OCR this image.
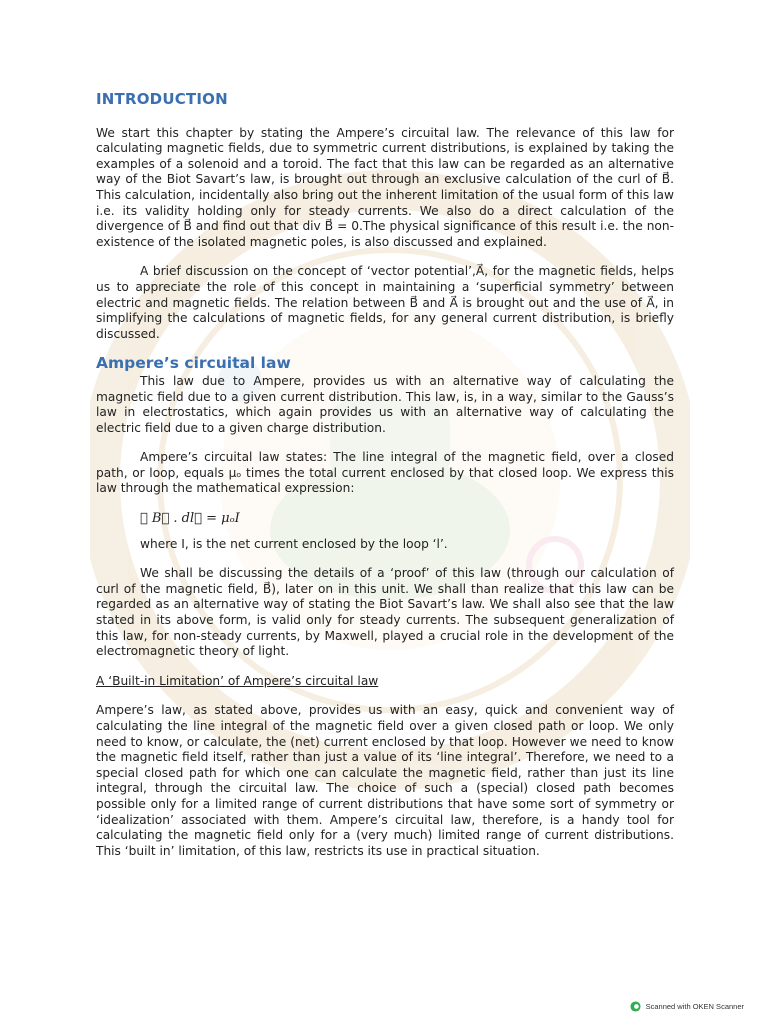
INTRODUCTION

We start this chapter by stating the Ampere’s circuital law. The relevance of this law for calculating magnetic fields, due to symmetric current distributions, is explained by taking the examples of a solenoid and a toroid. The fact that this law can be regarded as an alternative way of the Biot Savart’s law, is brought out through an exclusive calculation of the curl of B⃗. This calculation, incidentally also bring out the inherent limitation of the usual form of this law i.e. its validity holding only for steady currents. We also do a direct calculation of the divergence of B⃗ and find out that div B⃗ = 0.The physical significance of this result i.e. the non-existence of the isolated magnetic poles, is also discussed and explained.

A brief discussion on the concept of ‘vector potential’,A⃗, for the magnetic fields, helps us to appreciate the role of this concept in maintaining a ‘superficial symmetry’ between electric and magnetic fields. The relation between B⃗ and A⃗ is brought out and the use of A⃗, in simplifying the calculations of magnetic fields, for any general current distribution, is briefly discussed.

Ampere’s circuital law

This law due to Ampere, provides us with an alternative way of calculating the magnetic field due to a given current distribution. This law, is, in a way, similar to the Gauss’s law in electrostatics, which again provides us with an alternative way of calculating the electric field due to a given charge distribution.

Ampere’s circuital law states: The line integral of the magnetic field, over a closed path, or loop, equals μₒ times the total current enclosed by that closed loop. We express this law through the mathematical expression:

∮ B⃗ . dl⃗ = μₒI
where I, is the net current enclosed by the loop ‘l’.

We shall be discussing the details of a ‘proof’ of this law (through our calculation of curl of the magnetic field, B⃗), later on in this unit. We shall than realize that this law can be regarded as an alternative way of stating the Biot Savart’s law. We shall also see that the law stated in its above form, is valid only for steady currents. The subsequent generalization of this law, for non-steady currents, by Maxwell, played a crucial role in the development of the electromagnetic theory of light.

A ‘Built-in Limitation’ of Ampere’s circuital law

Ampere’s law, as stated above, provides us with an easy, quick and convenient way of calculating the line integral of the magnetic field over a given closed path or loop. We only need to know, or calculate, the (net) current enclosed by that loop. However we need to know the magnetic field itself, rather than just a value of its ‘line integral’. Therefore, we need to a special closed path for which one can calculate the magnetic field, rather than just its line integral, through the circuital law. The choice of such a (special) closed path becomes possible only for a limited range of current distributions that have some sort of symmetry or ‘idealization’ associated with them. Ampere’s circuital law, therefore, is a handy tool for calculating the magnetic field only for a (very much) limited range of current distributions. This ‘built in’ limitation, of this law, restricts its use in practical situation.

Scanned with OKEN Scanner
